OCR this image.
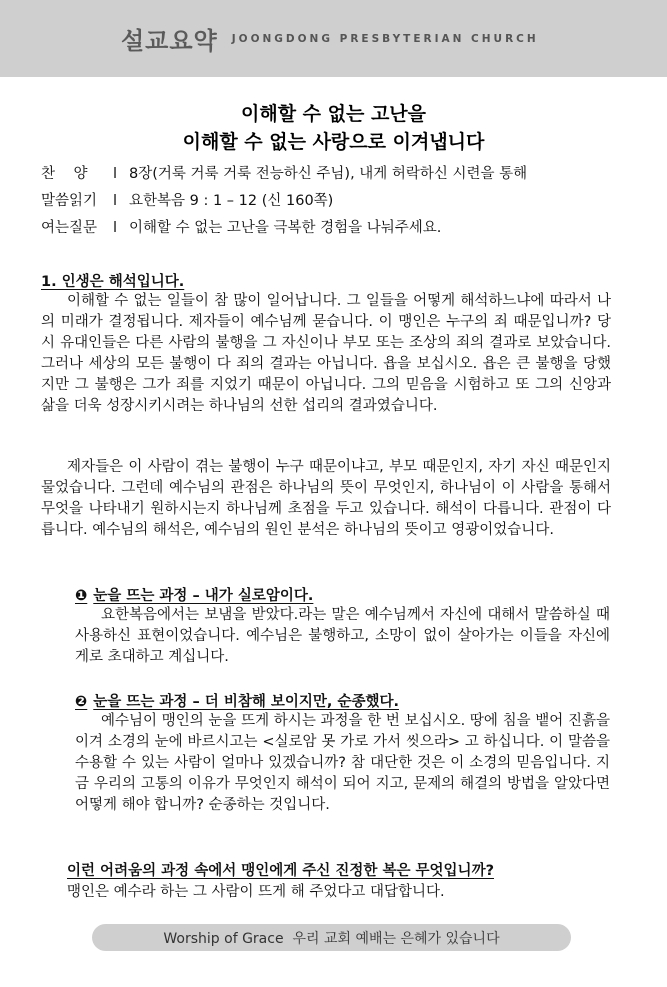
설교요약 JOONGDONG PRESBYTERIAN CHURCH
이해할 수 없는 고난을
이해할 수 없는 사랑으로 이겨냅니다
찬    양 l 8장(거룩 거룩 거룩 전능하신 주님), 내게 허락하신 시련을 통해
말씀읽기 l 요한복음 9 : 1 – 12 (신 160쪽)
여는질문 l 이해할 수 없는 고난을 극복한 경험을 나눠주세요.
1. 인생은 해석입니다.
이해할 수 없는 일들이 참 많이 일어납니다. 그 일들을 어떻게 해석하느냐에 따라서 나의 미래가 결정됩니다. 제자들이 예수님께 묻습니다. 이 맹인은 누구의 죄 때문입니까? 당시 유대인들은 다른 사람의 불행을 그 자신이나 부모 또는 조상의 죄의 결과로 보았습니다. 그러나 세상의 모든 불행이 다 죄의 결과는 아닙니다. 욥을 보십시오. 욥은 큰 불행을 당했지만 그 불행은 그가 죄를 지었기 때문이 아닙니다. 그의 믿음을 시험하고 또 그의 신앙과 삶을 더욱 성장시키시려는 하나님의 선한 섭리의 결과였습니다.
제자들은 이 사람이 겪는 불행이 누구 때문이냐고, 부모 때문인지, 자기 자신 때문인지 물었습니다. 그런데 예수님의 관점은 하나님의 뜻이 무엇인지, 하나님이 이 사람을 통해서 무엇을 나타내기 원하시는지 하나님께 초점을 두고 있습니다. 해석이 다릅니다. 관점이 다릅니다. 예수님의 해석은, 예수님의 원인 분석은 하나님의 뜻이고 영광이었습니다.
❶ 눈을 뜨는 과정 – 내가 실로암이다.
요한복음에서는 보냄을 받았다.라는 말은 예수님께서 자신에 대해서 말씀하실 때 사용하신 표현이었습니다. 예수님은 불행하고, 소망이 없이 살아가는 이들을 자신에게로 초대하고 계십니다.
❷ 눈을 뜨는 과정 – 더 비참해 보이지만, 순종했다.
예수님이 맹인의 눈을 뜨게 하시는 과정을 한 번 보십시오. 땅에 침을 뱉어 진흙을 이겨 소경의 눈에 바르시고는 <실로암 못 가로 가서 씻으라> 고 하십니다. 이 말씀을 수용할 수 있는 사람이 얼마나 있겠습니까? 참 대단한 것은 이 소경의 믿음입니다. 지금 우리의 고통의 이유가 무엇인지 해석이 되어 지고, 문제의 해결의 방법을 알았다면 어떻게 해야 합니까? 순종하는 것입니다.
이런 어려움의 과정 속에서 맹인에게 주신 진정한 복은 무엇입니까?
맹인은 예수라 하는 그 사람이 뜨게 해 주었다고 대답합니다.
Worship of Grace  우리 교회 예배는 은혜가 있습니다
